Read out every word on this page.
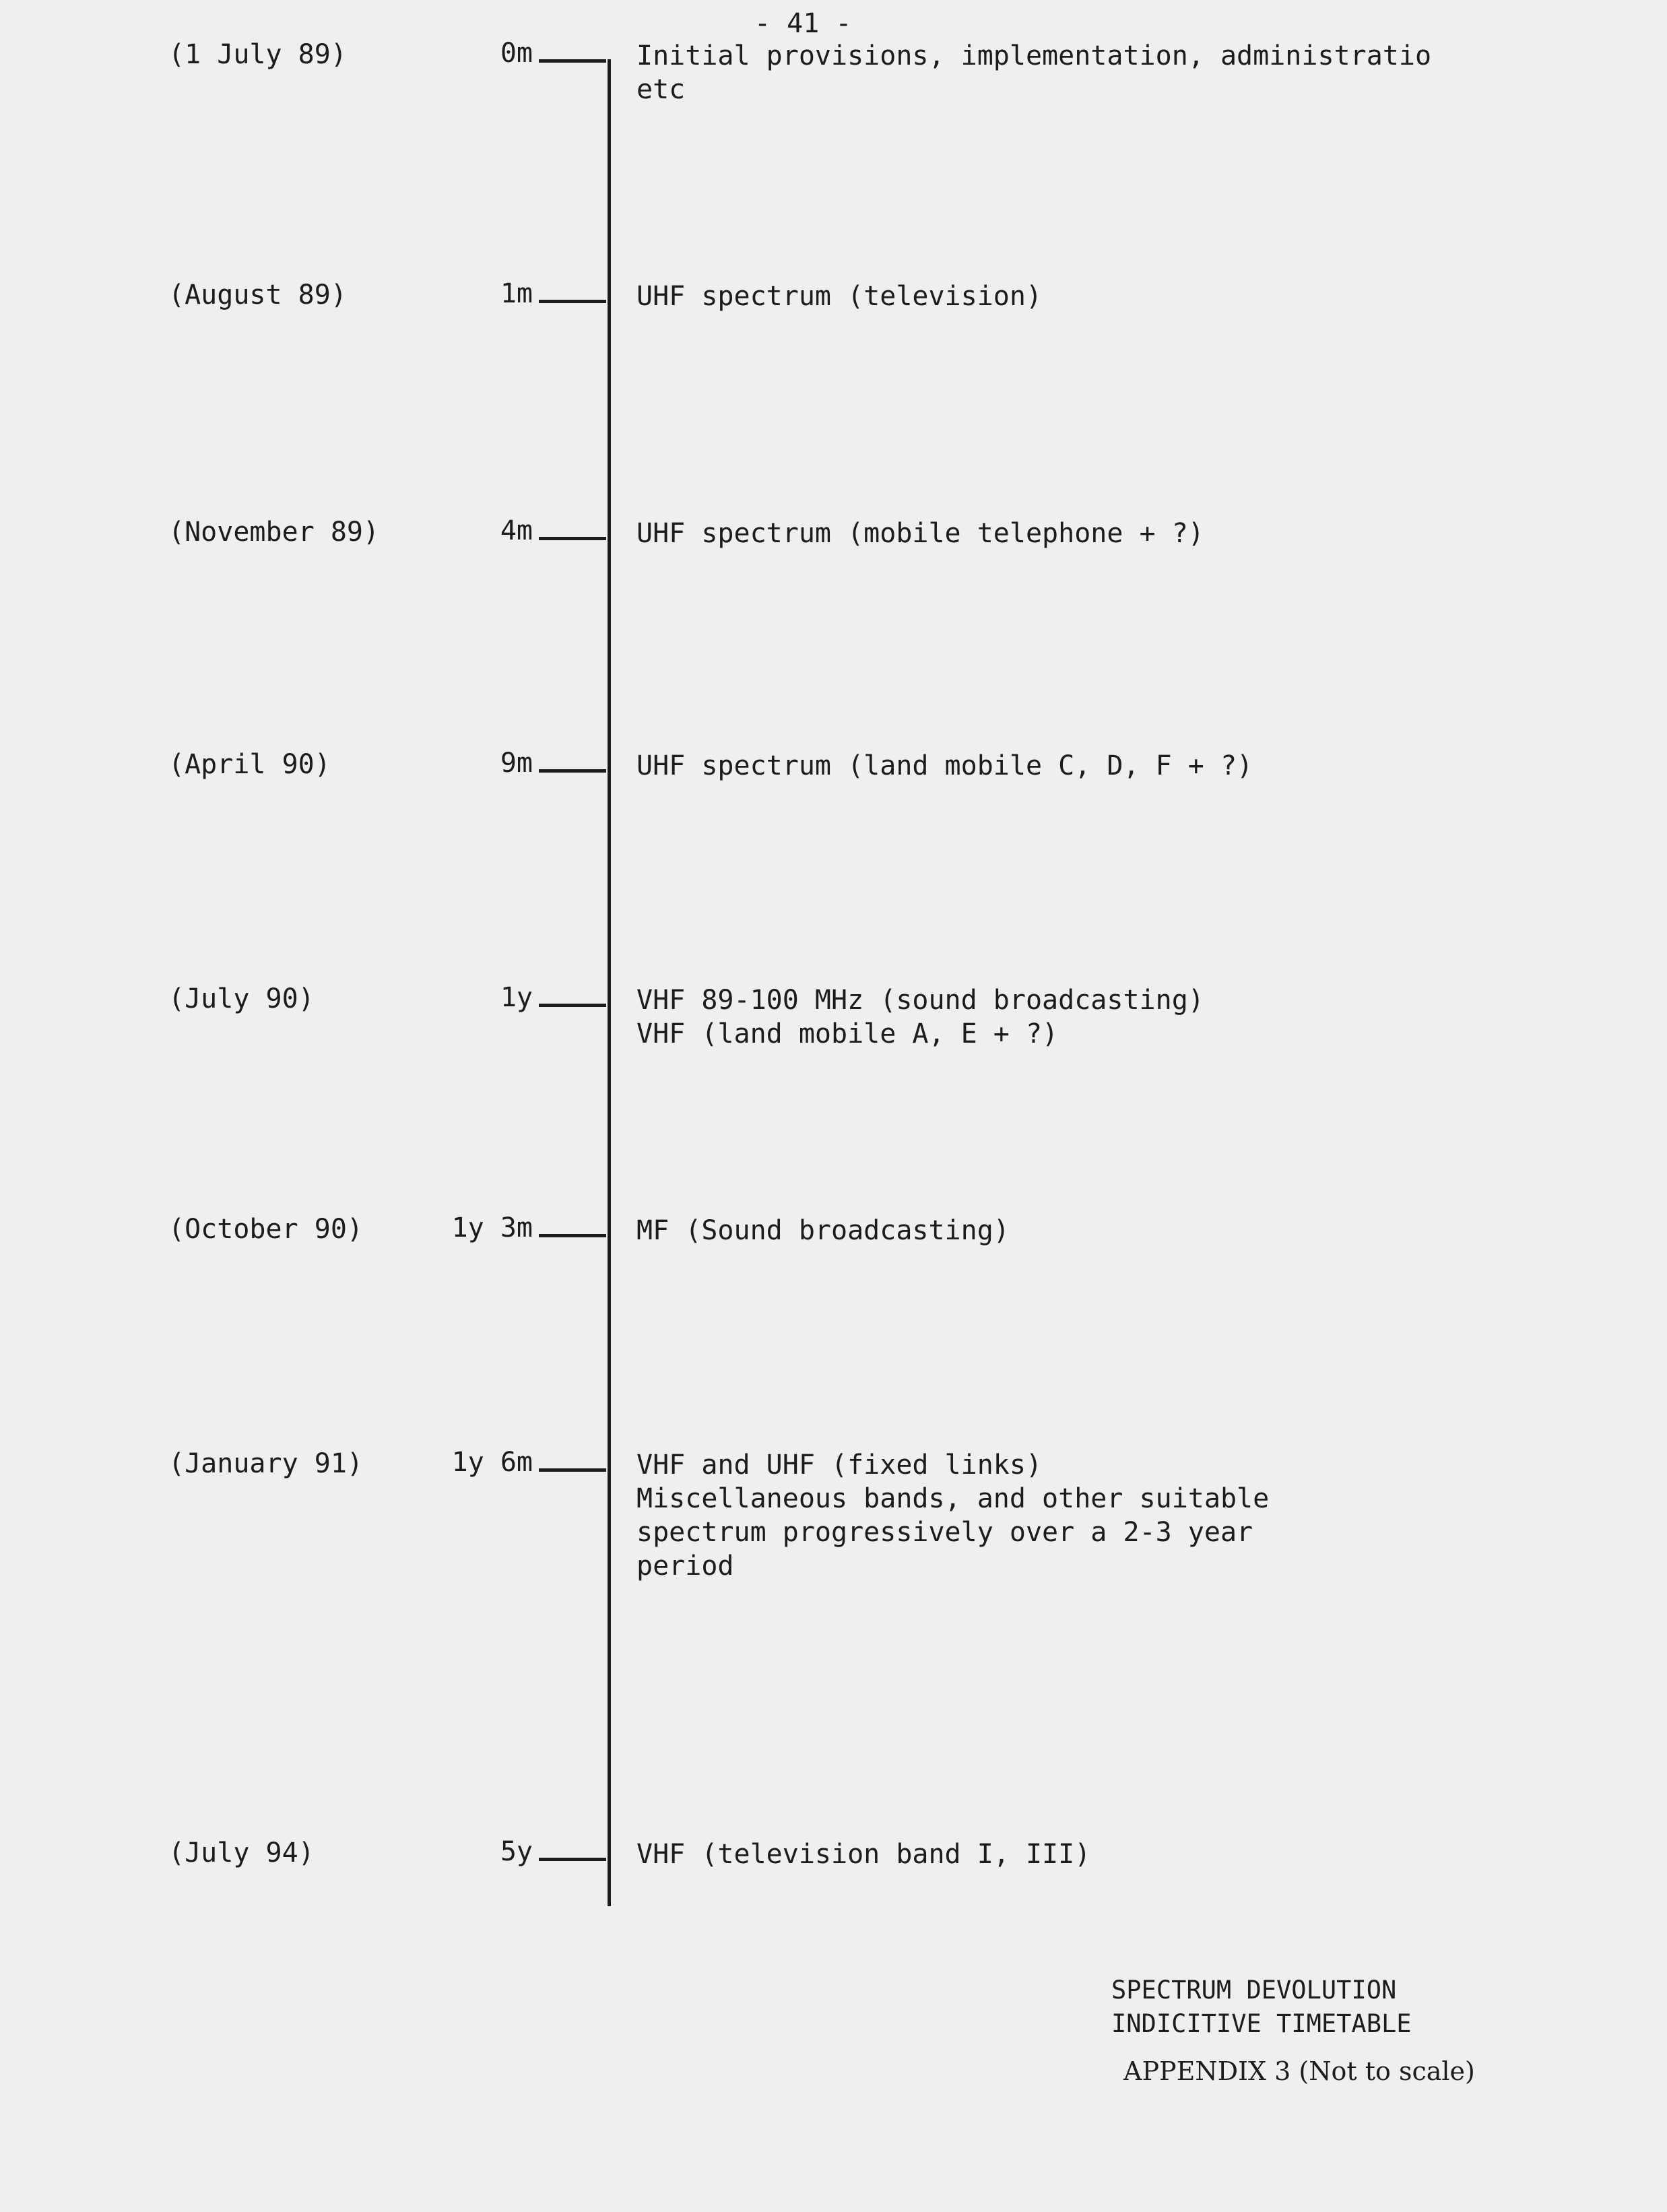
- 41 -
(1 July 89)	0m	Initial provisions, implementation, administratio
etc
(August 89)	1m	UHF spectrum (television)
(November 89)	4m	UHF spectrum (mobile telephone + ?)
(April 90)	9m	UHF spectrum (land mobile C, D, F + ?)
(July 90)	1y	VHF 89-100 MHz (sound broadcasting)
VHF (land mobile A, E + ?)
(October 90)	1y 3m	MF (Sound broadcasting)
(January 91)	1y 6m	VHF and UHF (fixed links)
Miscellaneous bands, and other suitable
spectrum progressively over a 2-3 year
period
(July 94)	5y	VHF (television band I, III)
SPECTRUM DEVOLUTION
INDICITIVE TIMETABLE
APPENDIX 3 (Not to scale)
